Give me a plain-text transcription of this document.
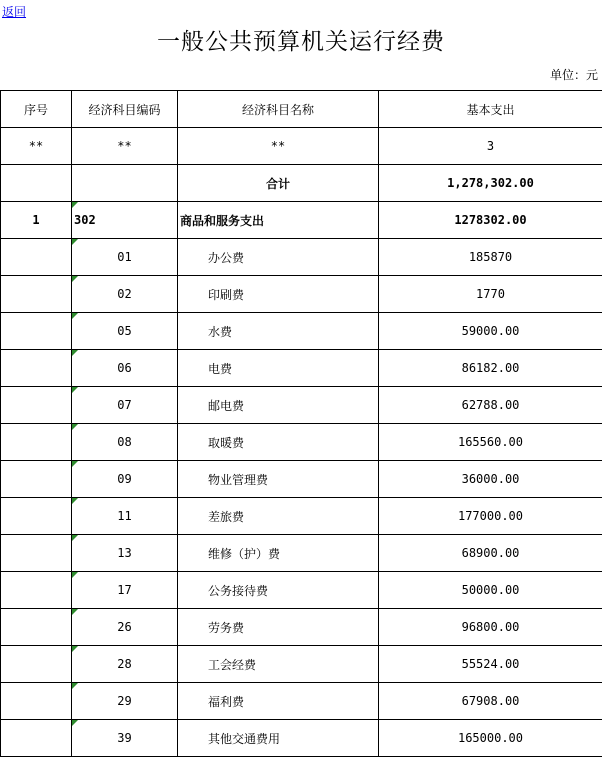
返回
一般公共预算机关运行经费
单位：元
序号	经济科目编码	经济科目名称	基本支出
**	**	**	3
		合计	1,278,302.00
1	302	商品和服务支出	1278302.00
	01	办公费	185870
	02	印刷费	1770
	05	水费	59000.00
	06	电费	86182.00
	07	邮电费	62788.00
	08	取暖费	165560.00
	09	物业管理费	36000.00
	11	差旅费	177000.00
	13	维修（护）费	68900.00
	17	公务接待费	50000.00
	26	劳务费	96800.00
	28	工会经费	55524.00
	29	福利费	67908.00
	39	其他交通费用	165000.00
